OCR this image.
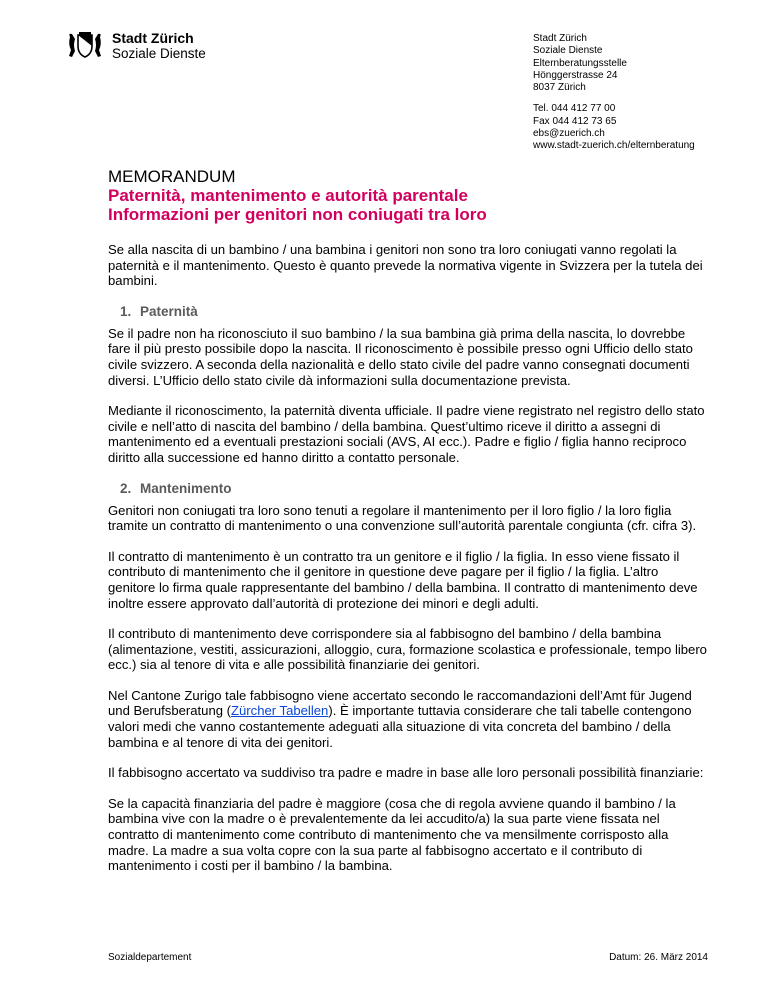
Stadt Zürich
Soziale Dienste
Stadt Zürich
Soziale Dienste
Elternberatungsstelle
Hönggerstrasse 24
8037 Zürich
Tel. 044 412 77 00
Fax 044 412 73 65
ebs@zuerich.ch
www.stadt-zuerich.ch/elternberatung
MEMORANDUM
Paternità, mantenimento e autorità parentale
Informazioni per genitori non coniugati tra loro

Se alla nascita di un bambino / una bambina i genitori non sono tra loro coniugati vanno regolati la paternità e il mantenimento. Questo è quanto prevede la normativa vigente in Svizzera per la tutela dei bambini.

1. Paternità

Se il padre non ha riconosciuto il suo bambino / la sua bambina già prima della nascita, lo dovrebbe fare il più presto possibile dopo la nascita. Il riconoscimento è possibile presso ogni Ufficio dello stato civile svizzero. A seconda della nazionalità e dello stato civile del padre vanno consegnati documenti diversi. L’Ufficio dello stato civile dà informazioni sulla documentazione prevista.

Mediante il riconoscimento, la paternità diventa ufficiale. Il padre viene registrato nel registro dello stato civile e nell’atto di nascita del bambino / della bambina. Quest’ultimo riceve il diritto a assegni di mantenimento ed a eventuali prestazioni sociali (AVS, AI ecc.). Padre e figlio / figlia hanno reciproco diritto alla successione ed hanno diritto a contatto personale.

2. Mantenimento

Genitori non coniugati tra loro sono tenuti a regolare il mantenimento per il loro figlio / la loro figlia tramite un contratto di mantenimento o una convenzione sull’autorità parentale congiunta (cfr. cifra 3).

Il contratto di mantenimento è un contratto tra un genitore e il figlio / la figlia. In esso viene fissato il contributo di mantenimento che il genitore in questione deve pagare per il figlio / la figlia. L’altro genitore lo firma quale rappresentante del bambino / della bambina. Il contratto di mantenimento deve inoltre essere approvato dall’autorità di protezione dei minori e degli adulti.

Il contributo di mantenimento deve corrispondere sia al fabbisogno del bambino / della bambina (alimentazione, vestiti, assicurazioni, alloggio, cura, formazione scolastica e professionale, tempo libero ecc.) sia al tenore di vita e alle possibilità finanziarie dei genitori.

Nel Cantone Zurigo tale fabbisogno viene accertato secondo le raccomandazioni dell’Amt für Jugend und Berufsberatung (Zürcher Tabellen). È importante tuttavia considerare che tali tabelle contengono valori medi che vanno costantemente adeguati alla situazione di vita concreta del bambino / della bambina e al tenore di vita dei genitori.

Il fabbisogno accertato va suddiviso tra padre e madre in base alle loro personali possibilità finanziarie:

Se la capacità finanziaria del padre è maggiore (cosa che di regola avviene quando il bambino / la bambina vive con la madre o è prevalentemente da lei accudito/a) la sua parte viene fissata nel contratto di mantenimento come contributo di mantenimento che va mensilmente corrisposto alla madre. La madre a sua volta copre con la sua parte al fabbisogno accertato e il contributo di mantenimento i costi per il bambino / la bambina.

Sozialdepartement	Datum: 26. März 2014
